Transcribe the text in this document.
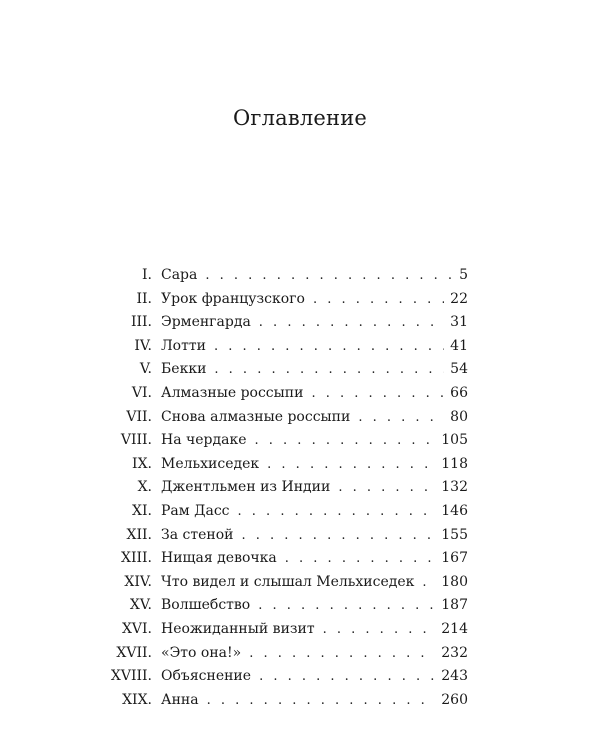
Оглавление
I. Сара . . .	5
II. Урок французского . . .	22
III. Эрменгарда . . .	31
IV. Лотти . . .	41
V. Бекки . . .	54
VI. Алмазные россыпи . . .	66
VII. Снова алмазные россыпи . . .	80
VIII. На чердаке . . .	105
IX. Мельхиседек . . .	118
X. Джентльмен из Индии . . .	132
XI. Рам Дасс . . .	146
XII. За стеной . . .	155
XIII. Нищая девочка . . .	167
XIV. Что видел и слышал Мельхиседек . . . 180
XV. Волшебство . . .	187
XVI. Неожиданный визит . . .	214
XVII. «Это она!» . . .	232
XVIII. Объяснение . . .	243
XIX. Анна . . .	260
